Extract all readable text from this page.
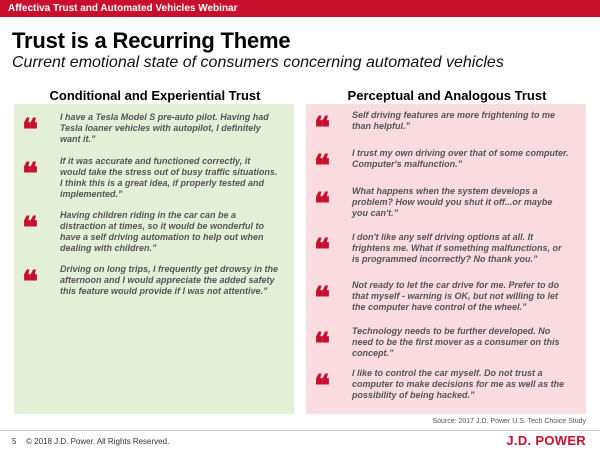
Affectiva Trust and Automated Vehicles Webinar
Trust is a Recurring Theme
Current emotional state of consumers concerning automated vehicles
Conditional and Experiential Trust	Perceptual and Analogous Trust
❝	I have a Tesla Model S pre-auto pilot. Having had Tesla loaner vehicles with autopilot, I definitely want it.”
❝	If it was accurate and functioned correctly, it would take the stress out of busy traffic situations. I think this is a great idea, if properly tested and implemented.”
❝	Having children riding in the car can be a distraction at times, so it would be wonderful to have a self driving automation to help out when dealing with children.”
❝	Driving on long trips, I frequently get drowsy in the afternoon and I would appreciate the added safety this feature would provide if I was not attentive.”
❝	Self driving features are more frightening to me than helpful.”
❝	I trust my own driving over that of some computer. Computer's malfunction.”
❝	What happens when the system develops a problem? How would you shut it off...or maybe you can't.”
❝	I don't like any self driving options at all. It frightens me. What if something malfunctions, or is programmed incorrectly? No thank you.”
❝	Not ready to let the car drive for me. Prefer to do that myself - warning is OK, but not willing to let the computer have control of the wheel.”
❝	Technology needs to be further developed. No need to be the first mover as a consumer on this concept.”
❝	I like to control the car myself. Do not trust a computer to make decisions for me as well as the possibility of being hacked.”
Source: 2017 J.D. Power U.S. Tech Choice Study
5 © 2018 J.D. Power. All Rights Reserved.	J.D. POWER
